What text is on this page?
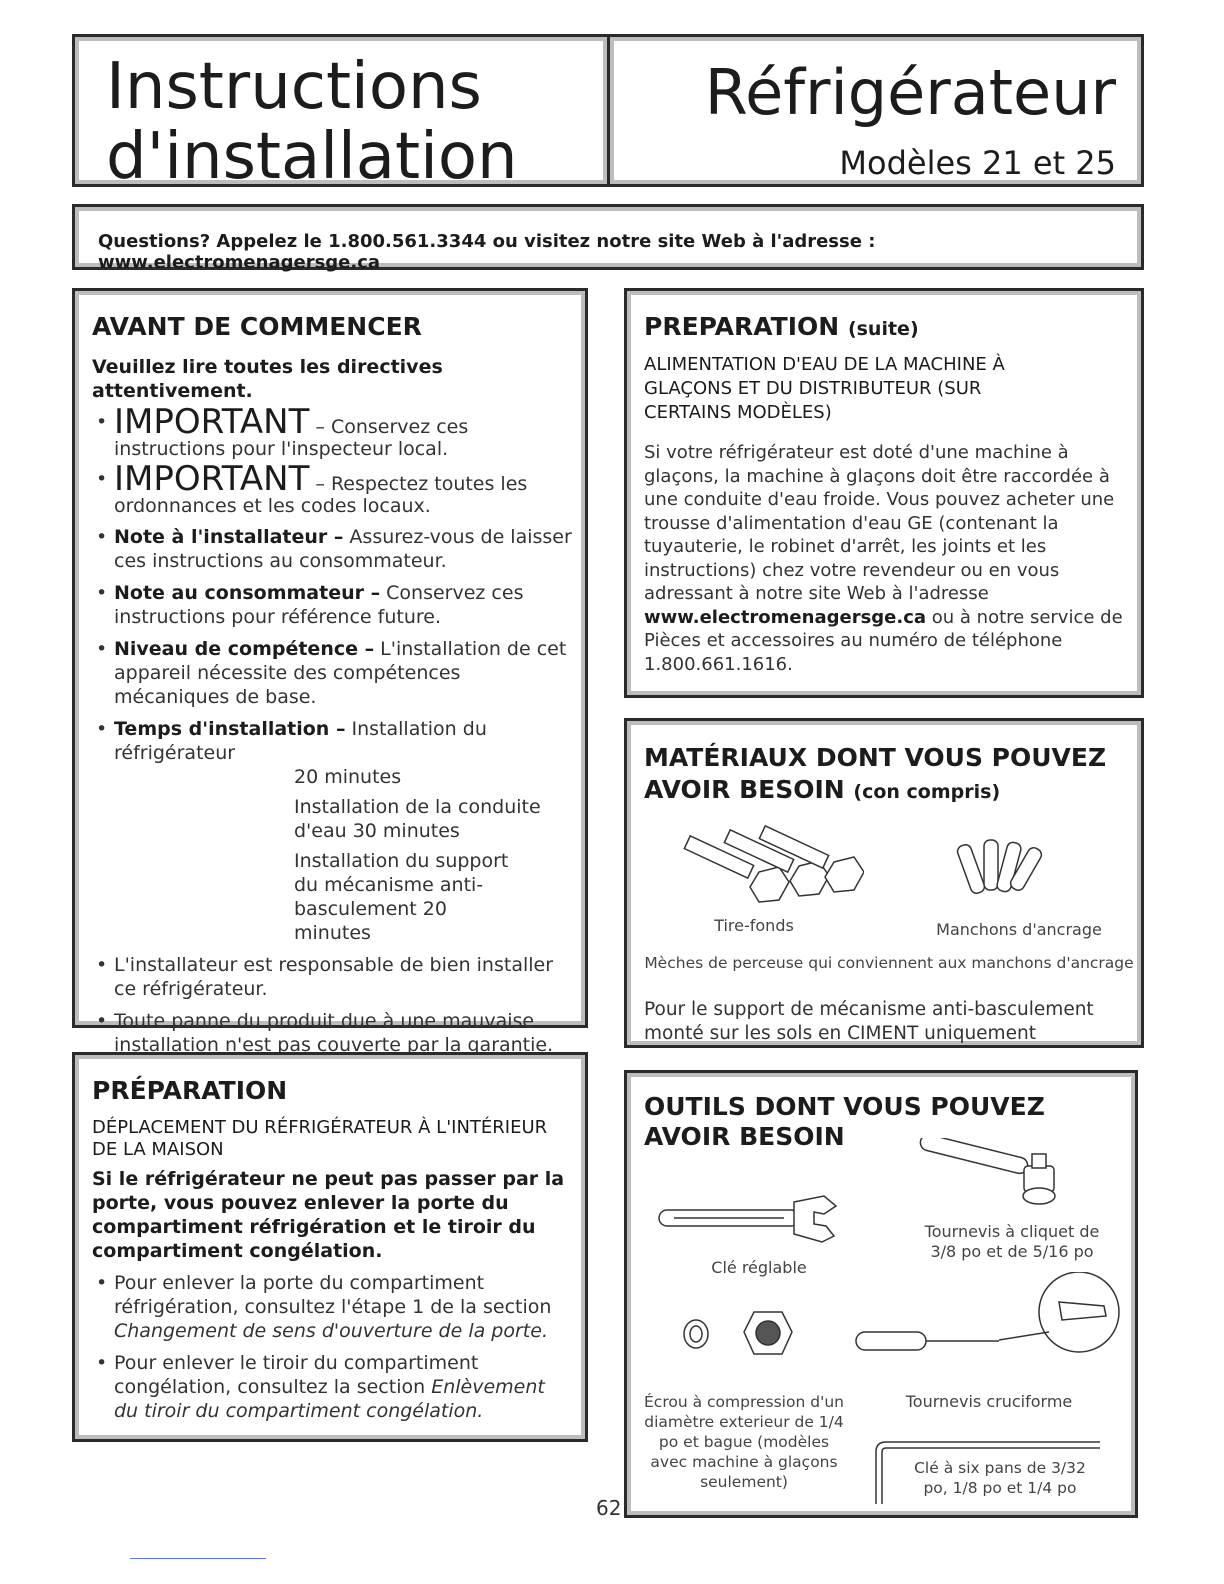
Instructions
d'installation
Réfrigérateur
Modèles 21 et 25
Questions? Appelez le 1.800.561.3344 ou visitez notre site Web à l'adresse : www.electromenagersge.ca
AVANT DE COMMENCER
Veuillez lire toutes les directives attentivement.
• IMPORTANT – Conservez ces instructions pour l'inspecteur local.
• IMPORTANT – Respectez toutes les ordonnances et les codes locaux.
• Note à l'installateur – Assurez-vous de laisser ces instructions au consommateur.
• Note au consommateur – Conservez ces instructions pour référence future.
• Niveau de compétence – L'installation de cet appareil nécessite des compétences mécaniques de base.
• Temps d'installation – Installation du réfrigérateur
20 minutes
Installation de la conduite d'eau 30 minutes
Installation du support du mécanisme anti-basculement 20 minutes
• L'installateur est responsable de bien installer ce réfrigérateur.
• Toute panne du produit due à une mauvaise installation n'est pas couverte par la garantie.
PRÉPARATION
DÉPLACEMENT DU RÉFRIGÉRATEUR À L'INTÉRIEUR DE LA MAISON
Si le réfrigérateur ne peut pas passer par la porte, vous pouvez enlever la porte du compartiment réfrigération et le tiroir du compartiment congélation.
• Pour enlever la porte du compartiment réfrigération, consultez l'étape 1 de la section Changement de sens d'ouverture de la porte.
• Pour enlever le tiroir du compartiment congélation, consultez la section Enlèvement du tiroir du compartiment congélation.
PREPARATION (suite)
ALIMENTATION D'EAU DE LA MACHINE À GLAÇONS ET DU DISTRIBUTEUR (SUR CERTAINS MODÈLES)
Si votre réfrigérateur est doté d'une machine à glaçons, la machine à glaçons doit être raccordée à une conduite d'eau froide. Vous pouvez acheter une trousse d'alimentation d'eau GE (contenant la tuyauterie, le robinet d'arrêt, les joints et les instructions) chez votre revendeur ou en vous adressant à notre site Web à l'adresse www.electromenagersge.ca ou à notre service de Pièces et accessoires au numéro de téléphone 1.800.661.1616.
MATÉRIAUX DONT VOUS POUVEZ AVOIR BESOIN (con compris)
Tire-fonds	Manchons d'ancrage
Mèches de perceuse qui conviennent aux manchons d'ancrage
Pour le support de mécanisme anti-basculement monté sur les sols en CIMENT uniquement
OUTILS DONT VOUS POUVEZ AVOIR BESOIN
Tournevis à cliquet de 3/8 po et de 5/16 po
Clé réglable
Tournevis cruciforme
Écrou à compression d'un diamètre exterieur de 1/4 po et bague (modèles avec machine à glaçons seulement)
Clé à six pans de 3/32 po, 1/8 po et 1/4 po
62
